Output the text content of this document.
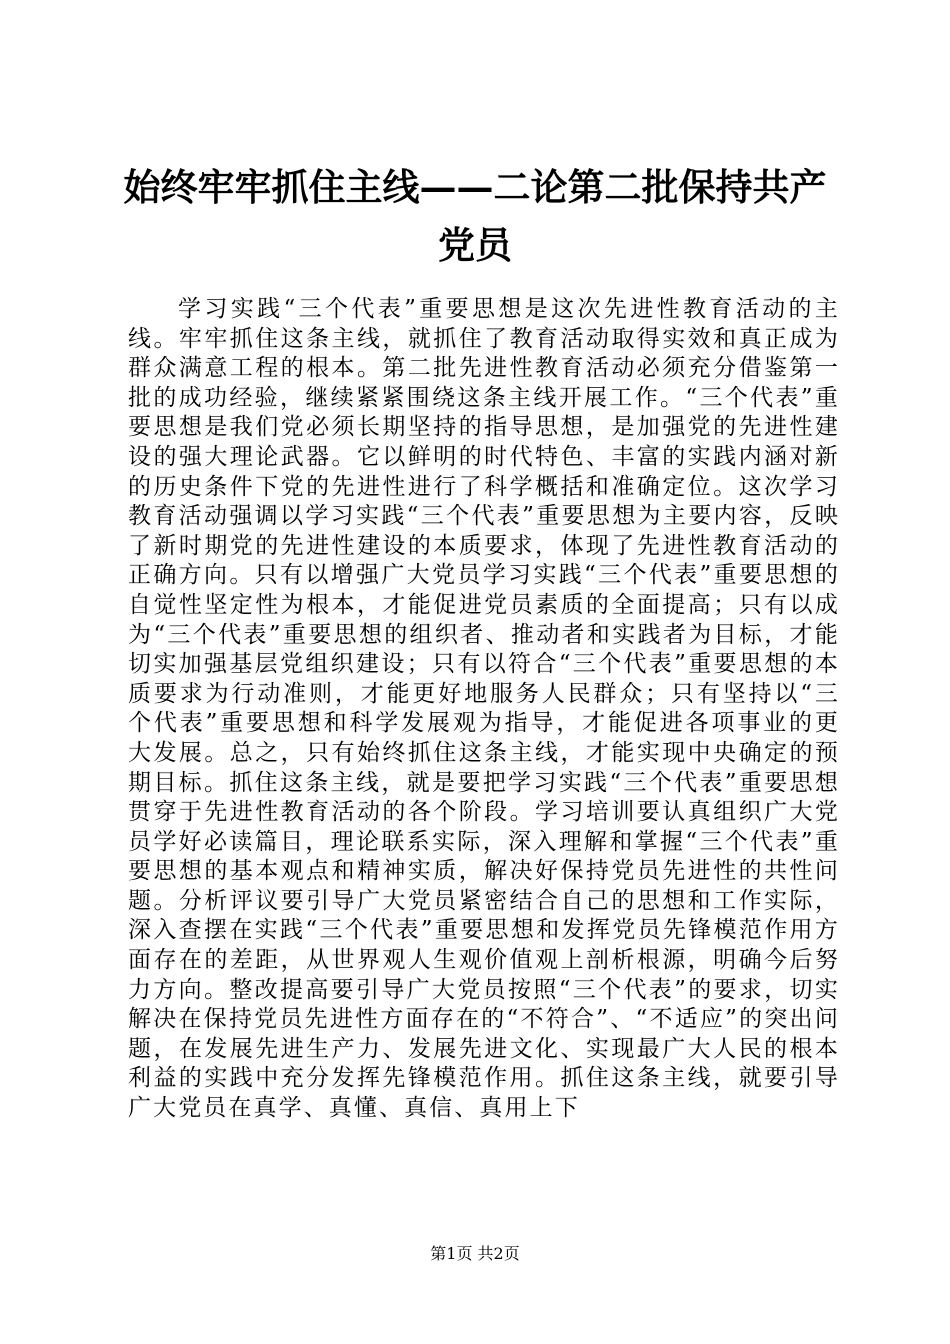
始终牢牢抓住主线——二论第二批保持共产党员

学习实践“三个代表”重要思想是这次先进性教育活动的主线。牢牢抓住这条主线，就抓住了教育活动取得实效和真正成为群众满意工程的根本。第二批先进性教育活动必须充分借鉴第一批的成功经验，继续紧紧围绕这条主线开展工作。“三个代表”重要思想是我们党必须长期坚持的指导思想，是加强党的先进性建设的强大理论武器。它以鲜明的时代特色、丰富的实践内涵对新的历史条件下党的先进性进行了科学概括和准确定位。这次学习教育活动强调以学习实践“三个代表”重要思想为主要内容，反映了新时期党的先进性建设的本质要求，体现了先进性教育活动的正确方向。只有以增强广大党员学习实践“三个代表”重要思想的自觉性坚定性为根本，才能促进党员素质的全面提高；只有以成为“三个代表”重要思想的组织者、推动者和实践者为目标，才能切实加强基层党组织建设；只有以符合“三个代表”重要思想的本质要求为行动准则，才能更好地服务人民群众；只有坚持以“三个代表”重要思想和科学发展观为指导，才能促进各项事业的更大发展。总之，只有始终抓住这条主线，才能实现中央确定的预期目标。抓住这条主线，就是要把学习实践“三个代表”重要思想贯穿于先进性教育活动的各个阶段。学习培训要认真组织广大党员学好必读篇目，理论联系实际，深入理解和掌握“三个代表”重要思想的基本观点和精神实质，解决好保持党员先进性的共性问题。分析评议要引导广大党员紧密结合自己的思想和工作实际，深入查摆在实践“三个代表”重要思想和发挥党员先锋模范作用方面存在的差距，从世界观人生观价值观上剖析根源，明确今后努力方向。整改提高要引导广大党员按照“三个代表”的要求，切实解决在保持党员先进性方面存在的“不符合”、“不适应”的突出问题，在发展先进生产力、发展先进文化、实现最广大人民的根本利益的实践中充分发挥先锋模范作用。抓住这条主线，就要引导广大党员在真学、真懂、真信、真用上下

第1页 共2页
